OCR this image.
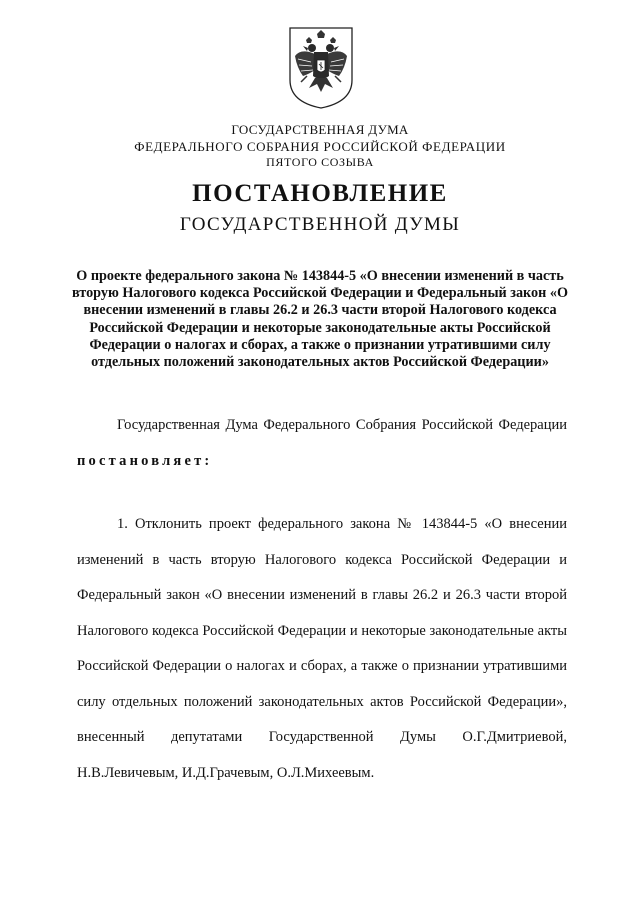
ГОСУДАРСТВЕННАЯ ДУМА
ФЕДЕРАЛЬНОГО СОБРАНИЯ РОССИЙСКОЙ ФЕДЕРАЦИИ
ПЯТОГО СОЗЫВА
ПОСТАНОВЛЕНИЕ
ГОСУДАРСТВЕННОЙ ДУМЫ
О проекте федерального закона № 143844-5 «О внесении изменений в часть вторую Налогового кодекса Российской Федерации и Федеральный закон «О внесении изменений в главы 26.2 и 26.3 части второй Налогового кодекса Российской Федерации и некоторые законодательные акты Российской Федерации о налогах и сборах, а также о признании утратившими силу отдельных положений законодательных актов Российской Федерации»

Государственная Дума Федерального Собрания Российской Федерации постановляет:

1. Отклонить проект федерального закона № 143844-5 «О внесении изменений в часть вторую Налогового кодекса Российской Федерации и Федеральный закон «О внесении изменений в главы 26.2 и 26.3 части второй Налогового кодекса Российской Федерации и некоторые законодательные акты Российской Федерации о налогах и сборах, а также о признании утратившими силу отдельных положений законодательных актов Российской Федерации», внесенный депутатами Государственной Думы О.Г.Дмитриевой, Н.В.Левичевым, И.Д.Грачевым, О.Л.Михеевым.
